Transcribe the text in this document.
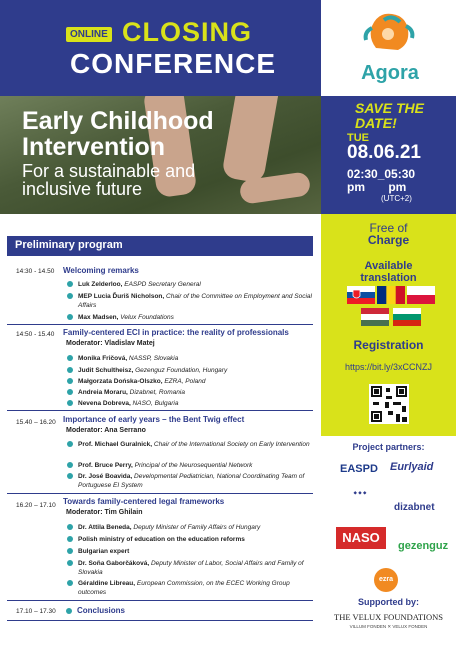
ONLINE CLOSING
CONFERENCE	Agora
Early Childhood
Intervention
For a sustainable and
inclusive future
SAVE THE
DATE!
TUE
08.06.21
02:30_05:30
pm       pm
(UTC+2)
Free of
Charge
Available
translation
Registration
https://bit.ly/3xCCNZJ
Preliminary program
14:30 - 14.50 Welcoming remarks
Luk Zelderloo, EASPD Secretary General
MEP Lucia Ďuriš Nicholson, Chair of the Committee on Employment and Social Affairs
Max Madsen, Velux Foundations
14:50 - 15.40 Family-centered ECI in practice: the reality of professionals
Moderator: Vladislav Matej
Monika Fričová, NASSP, Slovakia
Judit Schultheisz, Gezenguz Foundation, Hungary
Małgorzata Dońska-Olszko, EZRA, Poland
Andreia Moraru, Dizabnet, Romania
Nevena Dobreva, NASO, Bulgaria
15.40 – 16.20 Importance of early years – the Bent Twig effect
Moderator: Ana Serrano
Prof. Michael Guralnick, Chair of the International Society on Early Intervention
Prof. Bruce Perry, Principal of the Neurosequential Network
Dr. José Boavida, Developmental Pediatrician, National Coordinating Team of Portuguese EI System
16.20 – 17.10 Towards family-centered legal frameworks
Moderator: Tim Ghilain
Dr. Attila Beneda, Deputy Minister of Family Affairs of Hungary
Polish ministry of education on the education reforms
Bulgarian expert
Dr. Soňa Gaborčáková, Deputy Minister of Labor, Social Affairs and Family of Slovakia
Géraldine Libreau, European Commission, on the ECEC Working Group outcomes
17.10 – 17.30	Conclusions
Project partners:
EASPD Eurlyaid
◆ ◆ ◆
dizabnet
NASO
gezenguz
ezra
Supported by:
THE VELUX FOUNDATIONS
VILLUM FONDEN ✕ VELUX FONDEN
